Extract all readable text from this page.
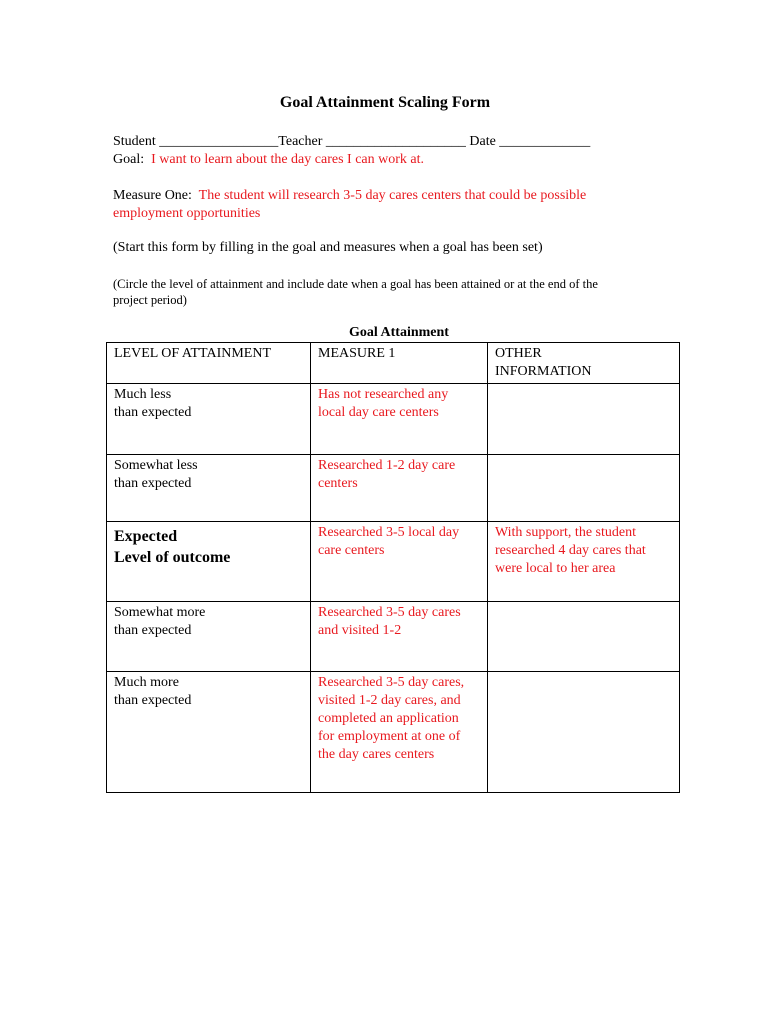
Goal Attainment Scaling Form
Student _________________Teacher ____________________ Date _____________
Goal: I want to learn about the day cares I can work at.
Measure One: The student will research 3-5 day cares centers that could be possible
employment opportunities
(Start this form by filling in the goal and measures when a goal has been set)
(Circle the level of attainment and include date when a goal has been attained or at the end of the
project period)
Goal Attainment
LEVEL OF ATTAINMENT	MEASURE 1	OTHER
INFORMATION
Much less
than expected	Has not researched any
local day care centers	
Somewhat less
than expected	Researched 1-2 day care
centers	

Expected
Level of outcome	Researched 3-5 local day
care centers	With support, the student
researched 4 day cares that
were local to her area
Somewhat more
than expected	Researched 3-5 day cares
and visited 1-2	
Much more
than expected	Researched 3-5 day cares,
visited 1-2 day cares, and
completed an application
for employment at one of
the day cares centers	
